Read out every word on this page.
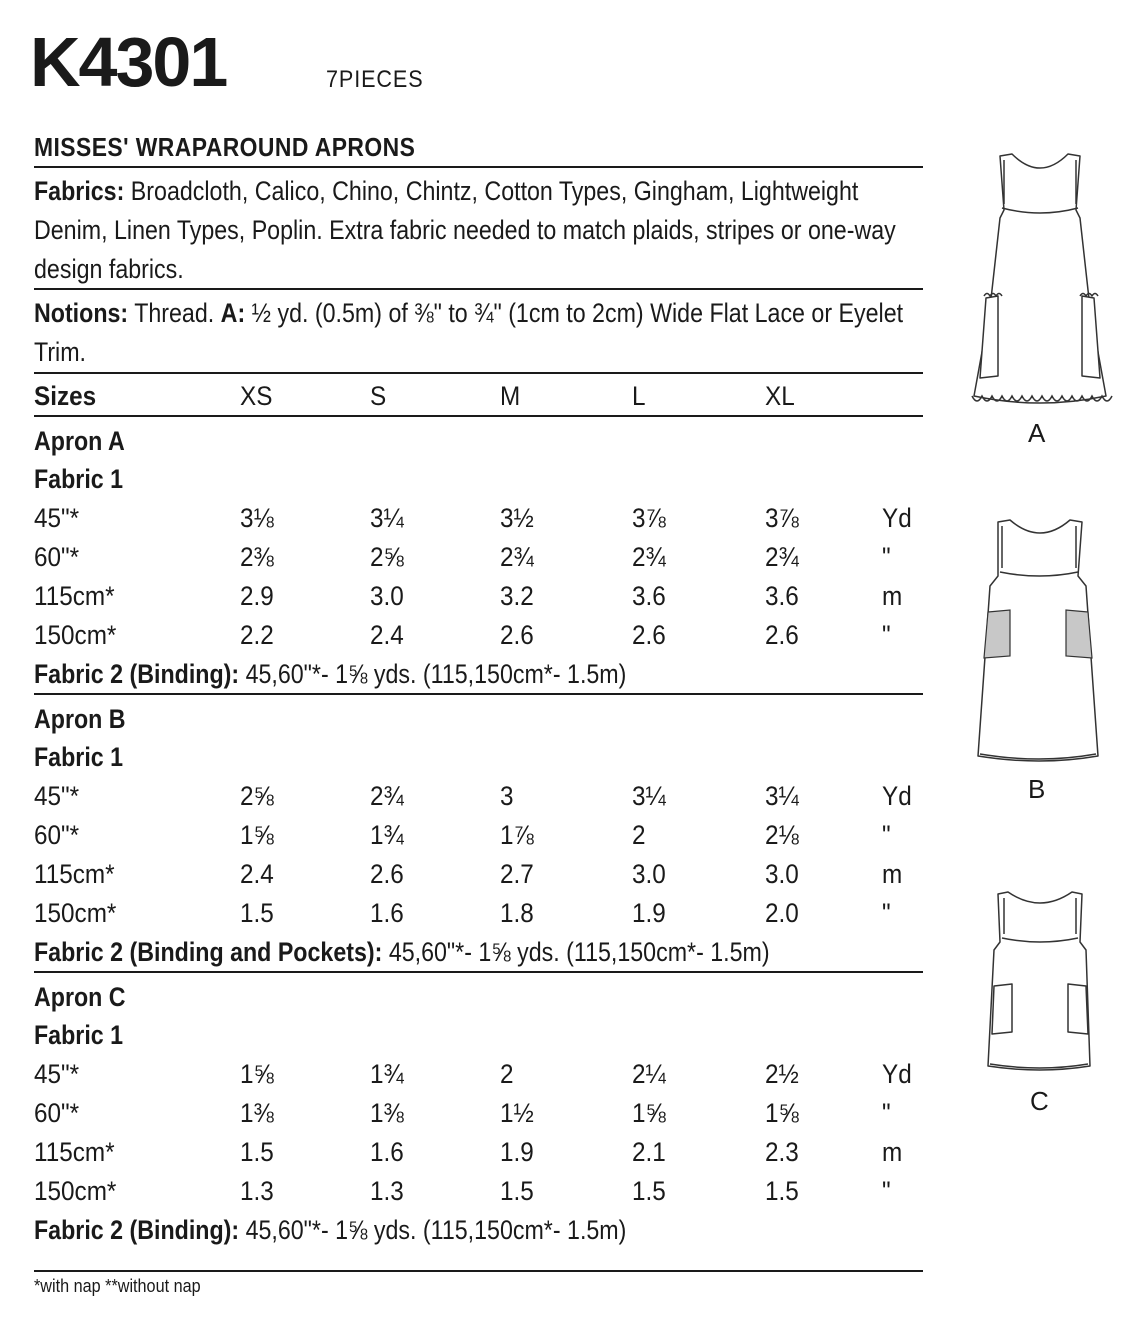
K4301	7PIECES
MISSES' WRAPAROUND APRONS
Fabrics: Broadcloth, Calico, Chino, Chintz, Cotton Types, Gingham, Lightweight Denim, Linen Types, Poplin. Extra fabric needed to match plaids, stripes or one-way design fabrics.
Notions: Thread. A: ½ yd. (0.5m) of ⅜" to ¾" (1cm to 2cm) Wide Flat Lace or Eyelet Trim.
Sizes	XS	S	M	L	XL
Apron A
Fabric 1
45"*	3⅛	3¼	3½	3⅞	3⅞	Yd
60"*	2⅜	2⅝	2¾	2¾	2¾	"
115cm*	2.9	3.0	3.2	3.6	3.6	m
150cm*	2.2	2.4	2.6	2.6	2.6	"
Fabric 2 (Binding): 45,60"*- 1⅝ yds. (115,150cm*- 1.5m)
Apron B
Fabric 1
45"*	2⅝	2¾	3	3¼	3¼	Yd
60"*	1⅝	1¾	1⅞	2	2⅛	"
115cm*	2.4	2.6	2.7	3.0	3.0	m
150cm*	1.5	1.6	1.8	1.9	2.0	"
Fabric 2 (Binding and Pockets): 45,60"*- 1⅝ yds. (115,150cm*- 1.5m)
Apron C
Fabric 1
45"*	1⅝	1¾	2	2¼	2½	Yd
60"*	1⅜	1⅜	1½	1⅝	1⅝	"
115cm*	1.5	1.6	1.9	2.1	2.3	m
150cm*	1.3	1.3	1.5	1.5	1.5	"
Fabric 2 (Binding): 45,60"*- 1⅝ yds. (115,150cm*- 1.5m)
*with nap **without nap
A
B
C
